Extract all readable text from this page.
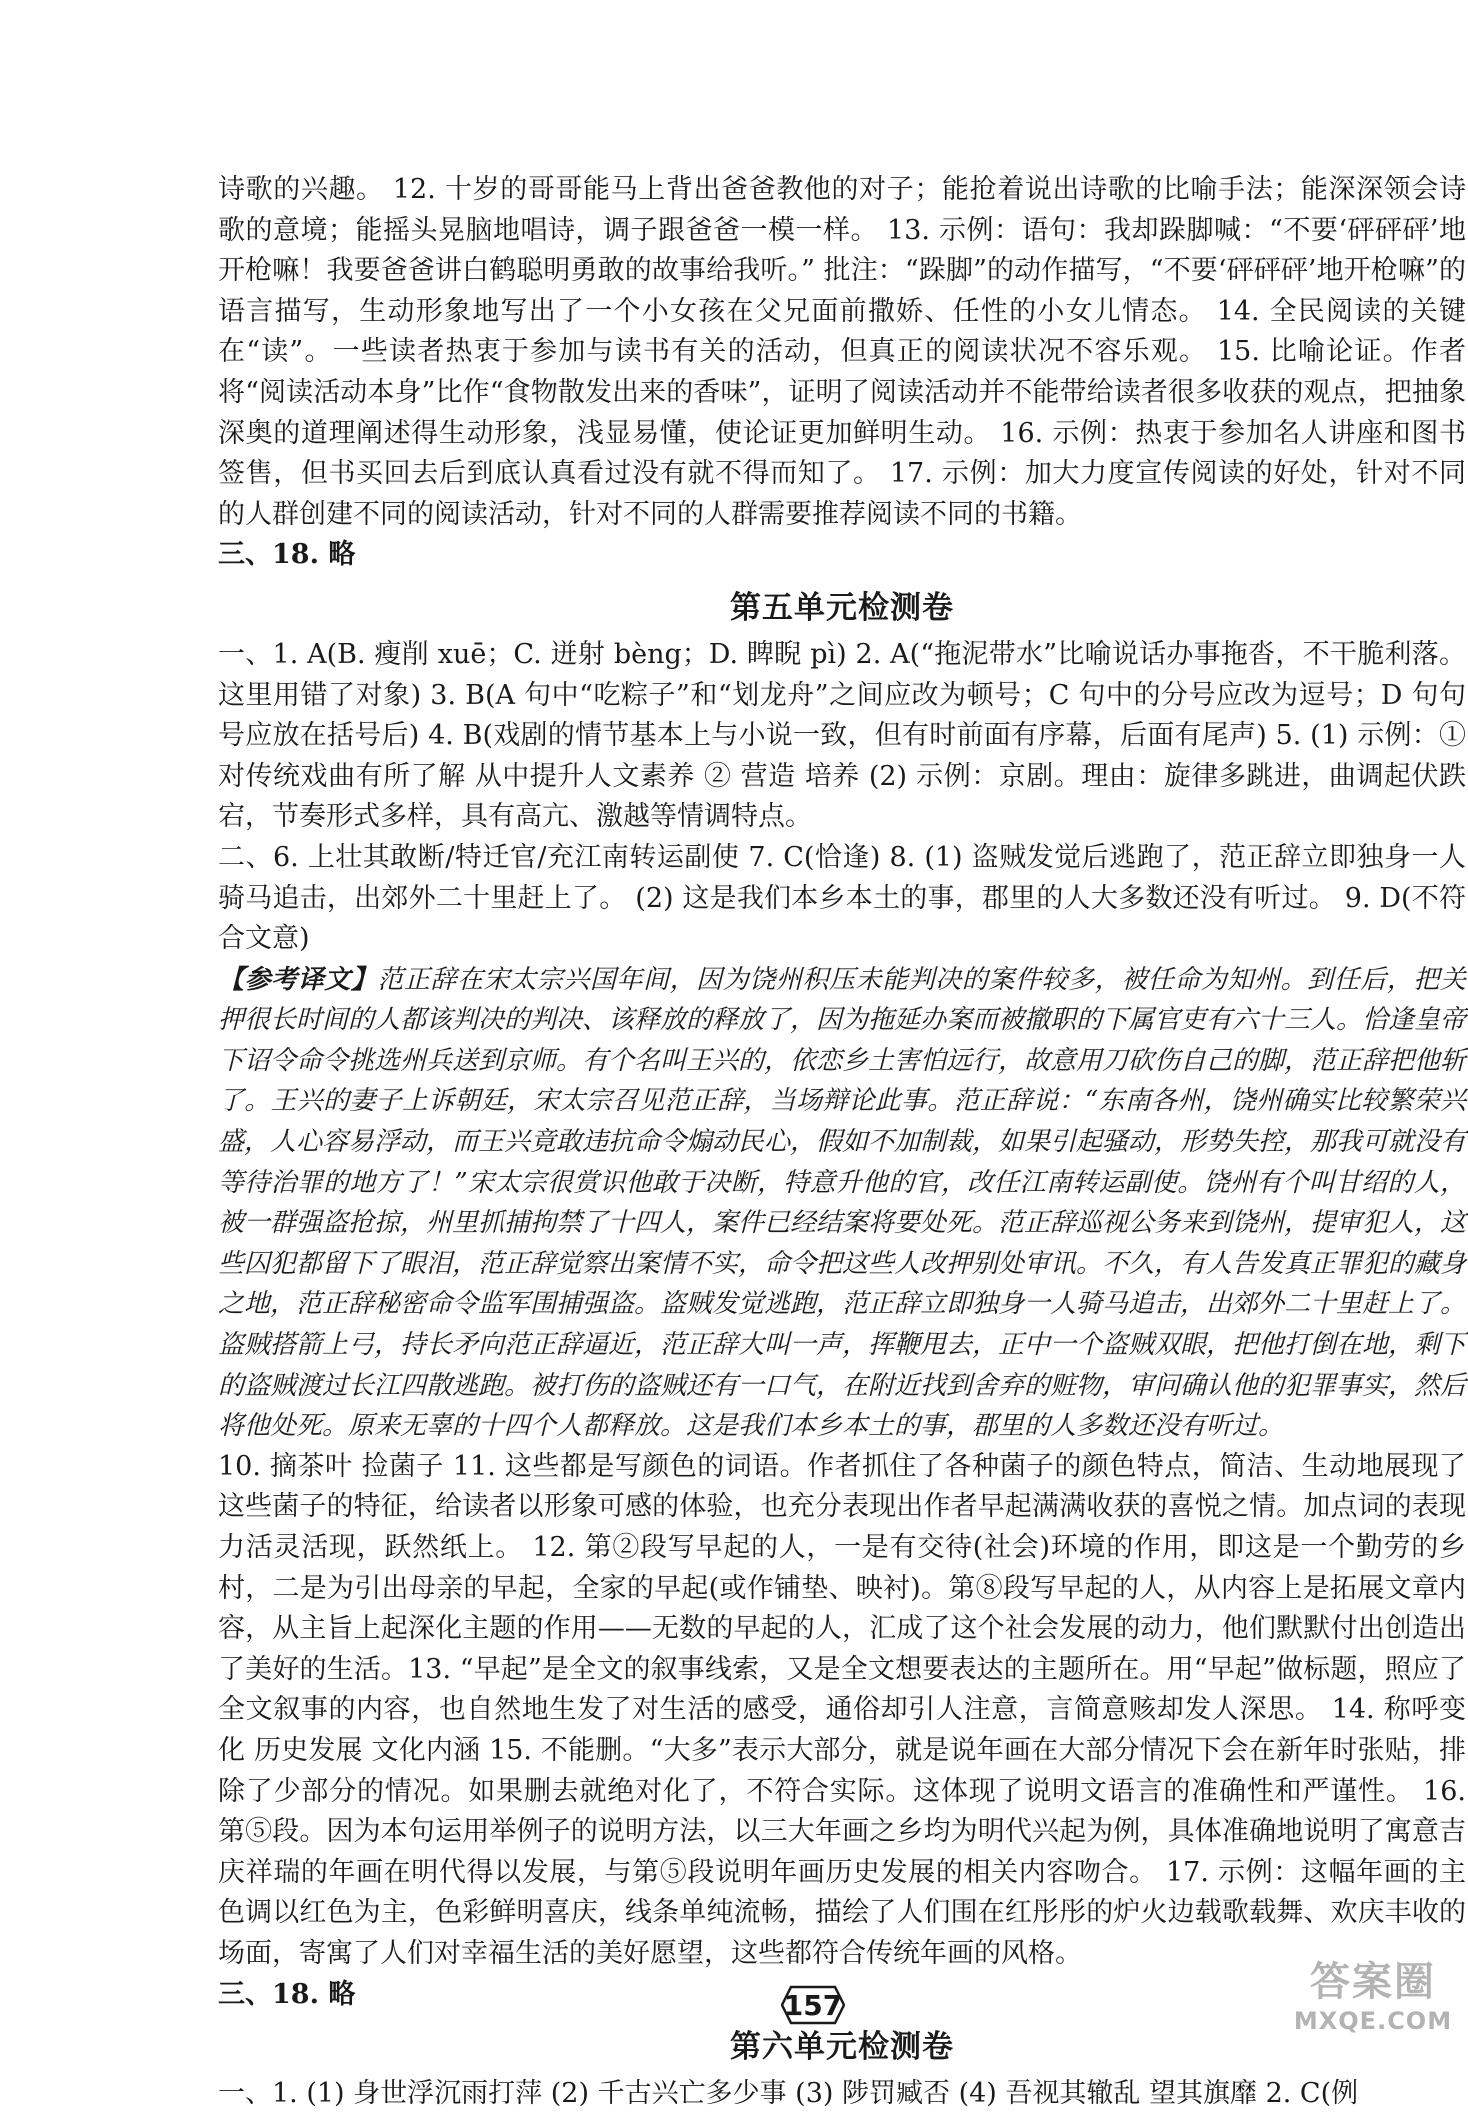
诗歌的兴趣。 12. 十岁的哥哥能马上背出爸爸教他的对子；能抢着说出诗歌的比喻手法；能深深领会诗歌的意境；能摇头晃脑地唱诗，调子跟爸爸一模一样。 13. 示例：语句：我却跺脚喊：“不要‘砰砰砰’地开枪嘛！我要爸爸讲白鹤聪明勇敢的故事给我听。” 批注：“跺脚”的动作描写，“不要‘砰砰砰’地开枪嘛”的语言描写，生动形象地写出了一个小女孩在父兄面前撒娇、任性的小女儿情态。 14. 全民阅读的关键在“读”。一些读者热衷于参加与读书有关的活动，但真正的阅读状况不容乐观。 15. 比喻论证。作者将“阅读活动本身”比作“食物散发出来的香味”，证明了阅读活动并不能带给读者很多收获的观点，把抽象深奥的道理阐述得生动形象，浅显易懂，使论证更加鲜明生动。 16. 示例：热衷于参加名人讲座和图书签售，但书买回去后到底认真看过没有就不得而知了。 17. 示例：加大力度宣传阅读的好处，针对不同的人群创建不同的阅读活动，针对不同的人群需要推荐阅读不同的书籍。

三、18. 略

第五单元检测卷

一、1. A(B. 瘦削 xuē；C. 迸射 bèng；D. 睥睨 pì) 2. A(“拖泥带水”比喻说话办事拖沓，不干脆利落。这里用错了对象) 3. B(A 句中“吃粽子”和“划龙舟”之间应改为顿号；C 句中的分号应改为逗号；D 句句号应放在括号后) 4. B(戏剧的情节基本上与小说一致，但有时前面有序幕，后面有尾声) 5. (1) 示例：① 对传统戏曲有所了解 从中提升人文素养 ② 营造 培养 (2) 示例：京剧。理由：旋律多跳进，曲调起伏跌宕，节奏形式多样，具有高亢、激越等情调特点。

二、6. 上壮其敢断/特迁官/充江南转运副使 7. C(恰逢) 8. (1) 盗贼发觉后逃跑了，范正辞立即独身一人骑马追击，出郊外二十里赶上了。 (2) 这是我们本乡本土的事，郡里的人大多数还没有听过。 9. D(不符合文意)

【参考译文】范正辞在宋太宗兴国年间，因为饶州积压未能判决的案件较多，被任命为知州。到任后，把关押很长时间的人都该判决的判决、该释放的释放了，因为拖延办案而被撤职的下属官吏有六十三人。恰逢皇帝下诏令命令挑选州兵送到京师。有个名叫王兴的，依恋乡土害怕远行，故意用刀砍伤自己的脚，范正辞把他斩了。王兴的妻子上诉朝廷，宋太宗召见范正辞，当场辩论此事。范正辞说：“东南各州，饶州确实比较繁荣兴盛，人心容易浮动，而王兴竟敢违抗命令煽动民心，假如不加制裁，如果引起骚动，形势失控，那我可就没有等待治罪的地方了！”宋太宗很赏识他敢于决断，特意升他的官，改任江南转运副使。饶州有个叫甘绍的人，被一群强盗抢掠，州里抓捕拘禁了十四人，案件已经结案将要处死。范正辞巡视公务来到饶州，提审犯人，这些囚犯都留下了眼泪，范正辞觉察出案情不实，命令把这些人改押别处审讯。不久，有人告发真正罪犯的藏身之地，范正辞秘密命令监军围捕强盗。盗贼发觉逃跑，范正辞立即独身一人骑马追击，出郊外二十里赶上了。盗贼搭箭上弓，持长矛向范正辞逼近，范正辞大叫一声，挥鞭甩去，正中一个盗贼双眼，把他打倒在地，剩下的盗贼渡过长江四散逃跑。被打伤的盗贼还有一口气，在附近找到舍弃的赃物，审问确认他的犯罪事实，然后将他处死。原来无辜的十四个人都释放。这是我们本乡本土的事，郡里的人多数还没有听过。

10. 摘茶叶 捡菌子 11. 这些都是写颜色的词语。作者抓住了各种菌子的颜色特点，简洁、生动地展现了这些菌子的特征，给读者以形象可感的体验，也充分表现出作者早起满满收获的喜悦之情。加点词的表现力活灵活现，跃然纸上。 12. 第②段写早起的人，一是有交待(社会)环境的作用，即这是一个勤劳的乡村，二是为引出母亲的早起，全家的早起(或作铺垫、映衬)。第⑧段写早起的人，从内容上是拓展文章内容，从主旨上起深化主题的作用——无数的早起的人，汇成了这个社会发展的动力，他们默默付出创造出了美好的生活。13. “早起”是全文的叙事线索，又是全文想要表达的主题所在。用“早起”做标题，照应了全文叙事的内容，也自然地生发了对生活的感受，通俗却引人注意，言简意赅却发人深思。 14. 称呼变化 历史发展 文化内涵 15. 不能删。“大多”表示大部分，就是说年画在大部分情况下会在新年时张贴，排除了少部分的情况。如果删去就绝对化了，不符合实际。这体现了说明文语言的准确性和严谨性。 16. 第⑤段。因为本句运用举例子的说明方法，以三大年画之乡均为明代兴起为例，具体准确地说明了寓意吉庆祥瑞的年画在明代得以发展，与第⑤段说明年画历史发展的相关内容吻合。 17. 示例：这幅年画的主色调以红色为主，色彩鲜明喜庆，线条单纯流畅，描绘了人们围在红彤彤的炉火边载歌载舞、欢庆丰收的场面，寄寓了人们对幸福生活的美好愿望，这些都符合传统年画的风格。

三、18. 略

第六单元检测卷

一、1. (1) 身世浮沉雨打萍 (2) 千古兴亡多少事 (3) 陟罚臧否 (4) 吾视其辙乱 望其旗靡 2. C(例

157	答案圈
MXQE.COM
